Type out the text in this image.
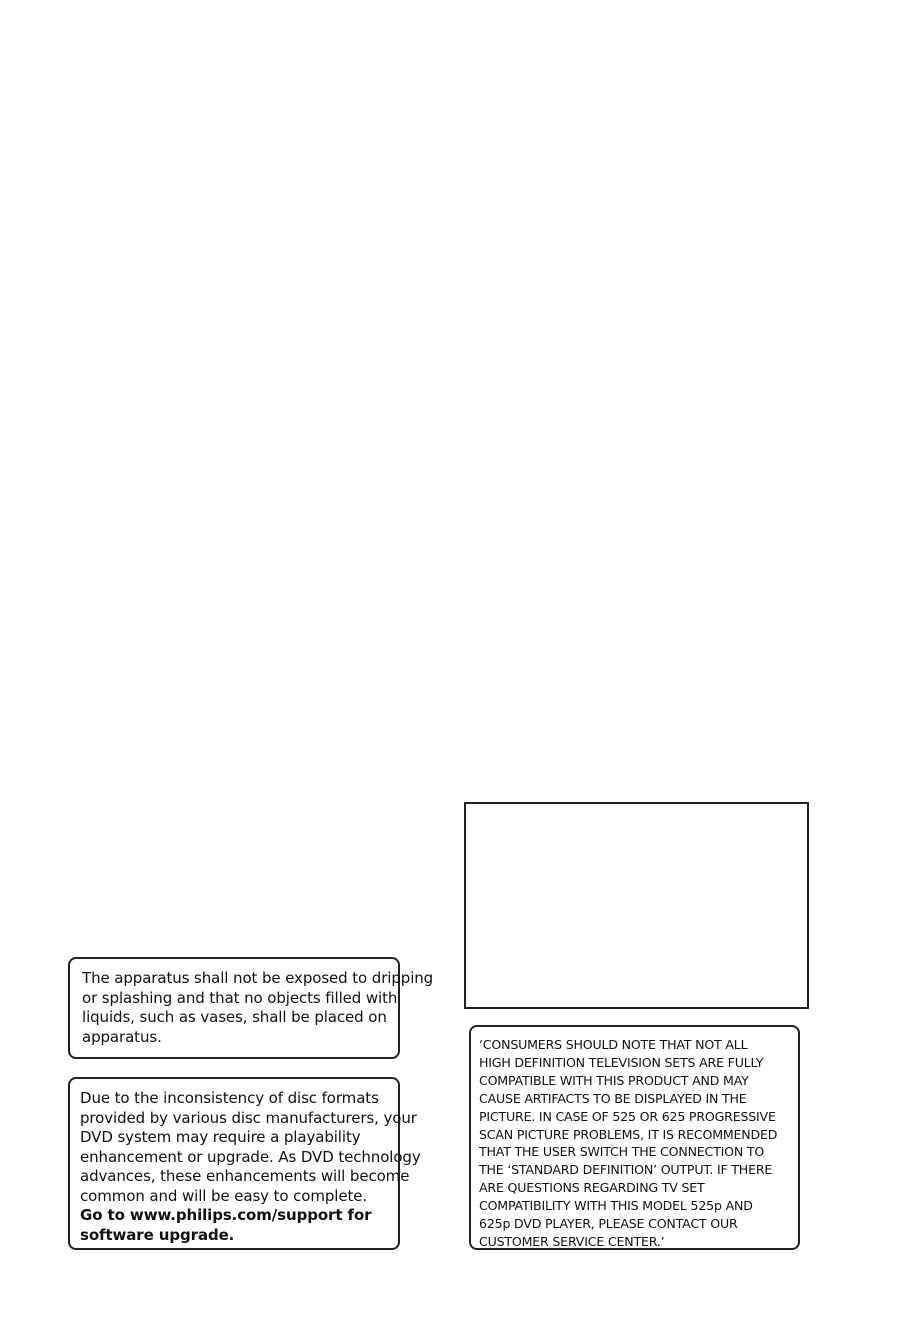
The apparatus shall not be exposed to dripping
or splashing and that no objects filled with
liquids, such as vases, shall be placed on
apparatus.

Due to the inconsistency of disc formats
provided by various disc manufacturers, your
DVD system may require a playability
enhancement or upgrade. As DVD technology
advances, these enhancements will become
common and will be easy to complete.
Go to www.philips.com/support for
software upgrade.

‘CONSUMERS SHOULD NOTE THAT NOT ALL
HIGH DEFINITION TELEVISION SETS ARE FULLY
COMPATIBLE WITH THIS PRODUCT AND MAY
CAUSE ARTIFACTS TO BE DISPLAYED IN THE
PICTURE. IN CASE OF 525 OR 625 PROGRESSIVE
SCAN PICTURE PROBLEMS, IT IS RECOMMENDED
THAT THE USER SWITCH THE CONNECTION TO
THE ‘STANDARD DEFINITION’ OUTPUT. IF THERE
ARE QUESTIONS REGARDING TV SET
COMPATIBILITY WITH THIS MODEL 525p AND
625p DVD PLAYER, PLEASE CONTACT OUR
CUSTOMER SERVICE CENTER.’
